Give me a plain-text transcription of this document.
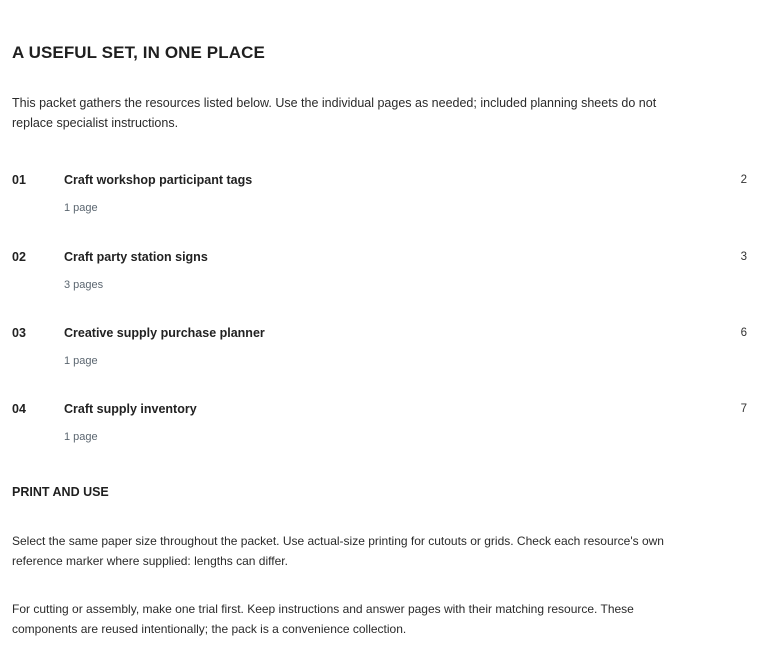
A USEFUL SET, IN ONE PLACE

This packet gathers the resources listed below. Use the individual pages as needed; included planning sheets do not replace specialist instructions.

01	Craft workshop participant tags
1 page
2
02	Craft party station signs
3 pages
3
03	Creative supply purchase planner
1 page
6
04	Craft supply inventory
1 page
7
PRINT AND USE

Select the same paper size throughout the packet. Use actual-size printing for cutouts or grids. Check each resource's own reference marker where supplied: lengths can differ.

For cutting or assembly, make one trial first. Keep instructions and answer pages with their matching resource. These components are reused intentionally; the pack is a convenience collection.
